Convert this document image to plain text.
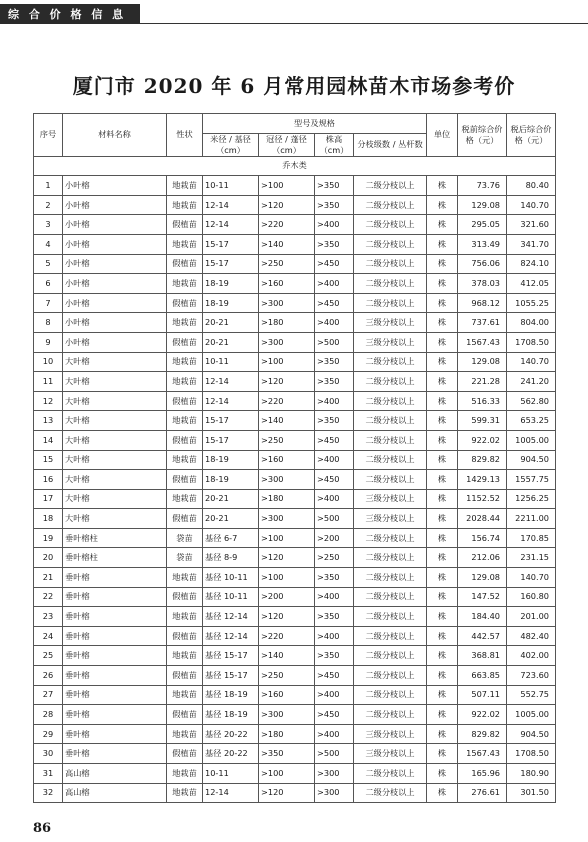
综 合 价 格 信 息
厦门市 2020 年 6 月常用园林苗木市场参考价
序号	材料名称	性状	型号及规格				单位	税前综合价格（元）	税后综合价格（元）
			米径 / 基径（cm）	冠径 / 蓬径（cm）	株高（cm）	分枝级数 / 丛杆数			
乔木类									
1	小叶榕	地栽苗	10-11	>100	>350	二级分枝以上	株	73.76	80.40
2	小叶榕	地栽苗	12-14	>120	>350	二级分枝以上	株	129.08	140.70
3	小叶榕	假植苗	12-14	>220	>400	二级分枝以上	株	295.05	321.60
4	小叶榕	地栽苗	15-17	>140	>350	二级分枝以上	株	313.49	341.70
5	小叶榕	假植苗	15-17	>250	>450	二级分枝以上	株	756.06	824.10
6	小叶榕	地栽苗	18-19	>160	>400	二级分枝以上	株	378.03	412.05
7	小叶榕	假植苗	18-19	>300	>450	二级分枝以上	株	968.12	1055.25
8	小叶榕	地栽苗	20-21	>180	>400	三级分枝以上	株	737.61	804.00
9	小叶榕	假植苗	20-21	>300	>500	三级分枝以上	株	1567.43	1708.50
10	大叶榕	地栽苗	10-11	>100	>350	二级分枝以上	株	129.08	140.70
11	大叶榕	地栽苗	12-14	>120	>350	二级分枝以上	株	221.28	241.20
12	大叶榕	假植苗	12-14	>220	>400	二级分枝以上	株	516.33	562.80
13	大叶榕	地栽苗	15-17	>140	>350	二级分枝以上	株	599.31	653.25
14	大叶榕	假植苗	15-17	>250	>450	二级分枝以上	株	922.02	1005.00
15	大叶榕	地栽苗	18-19	>160	>400	二级分枝以上	株	829.82	904.50
16	大叶榕	假植苗	18-19	>300	>450	二级分枝以上	株	1429.13	1557.75
17	大叶榕	地栽苗	20-21	>180	>400	三级分枝以上	株	1152.52	1256.25
18	大叶榕	假植苗	20-21	>300	>500	三级分枝以上	株	2028.44	2211.00
19	垂叶榕柱	袋苗	基径 6-7	>100	>200	二级分枝以上	株	156.74	170.85
20	垂叶榕柱	袋苗	基径 8-9	>120	>250	二级分枝以上	株	212.06	231.15
21	垂叶榕	地栽苗	基径 10-11	>100	>350	二级分枝以上	株	129.08	140.70
22	垂叶榕	假植苗	基径 10-11	>200	>400	二级分枝以上	株	147.52	160.80
23	垂叶榕	地栽苗	基径 12-14	>120	>350	二级分枝以上	株	184.40	201.00
24	垂叶榕	假植苗	基径 12-14	>220	>400	二级分枝以上	株	442.57	482.40
25	垂叶榕	地栽苗	基径 15-17	>140	>350	二级分枝以上	株	368.81	402.00
26	垂叶榕	假植苗	基径 15-17	>250	>450	二级分枝以上	株	663.85	723.60
27	垂叶榕	地栽苗	基径 18-19	>160	>400	二级分枝以上	株	507.11	552.75
28	垂叶榕	假植苗	基径 18-19	>300	>450	二级分枝以上	株	922.02	1005.00
29	垂叶榕	地栽苗	基径 20-22	>180	>400	三级分枝以上	株	829.82	904.50
30	垂叶榕	假植苗	基径 20-22	>350	>500	三级分枝以上	株	1567.43	1708.50
31	高山榕	地栽苗	10-11	>100	>300	二级分枝以上	株	165.96	180.90
32	高山榕	地栽苗	12-14	>120	>300	二级分枝以上	株	276.61	301.50
86
